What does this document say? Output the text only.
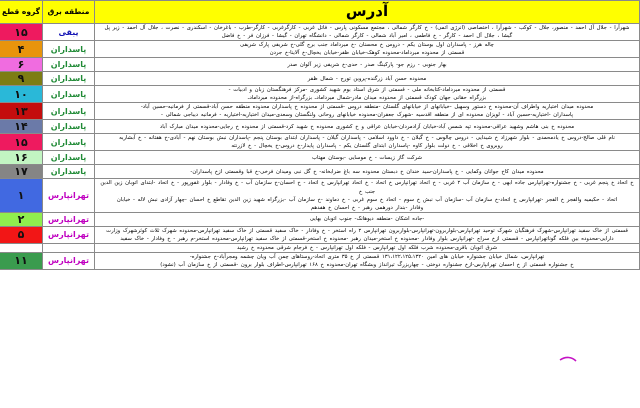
آدرس	منطقه برق	گروه قطع

شهرآرا - جلال آل احمد - منصور، جلال - کوکب - شهرآرا ، اختصاصی (انرژی اتمی) - خ کارگر شمالی ، مجتمع مسکونی پارس - فاتل غربی - کارگرغربی - کارگر-طرب - باغرخان - اسکندری - نصرت ، جلال آل احمد - زیر پل
گیشا ، جلال آل احمد - کارگر - خ فاطمی ، امیر آباد شمالی - کارگر شمالی - دانشگاه تهران - گیشا - فرزان فر - خ فاضل	یبقی	۱۵

چاله هرز - پاسداران اول بوستان یکم - دروس خ محسنان -خ میرداماد جنب برج گلی-خ شریفی پارک شریفی
قسمتی از محدوده میرداماد-محدوده کوهک-خیابان ظفر-خیابان یخچال-خ آلاینا-خ جردن	پاسداران	۴

بهار جنوبی - رزم جو- پارکینگ صدر - حدی-خ شریفی زیر آلوان صدر	پاسداران	۶

محدوده حسن آباد زرگنده-پروین تورج - شمال ظفر	پاسداران	۹

قسمتی از محدوده میرداماد-کتابخانه ملی - قسمتی از شرق استاد بوم شهید کشوری -مرکز فرهنگستان زبان و ادبیات -
بزرگراه حقانی جهان کودک قسمتی از محدوده میدان مادر-شمال میردامادـ بزرگراه-از محدوده میردامادـ	پاسداران	۱۰

محدوده میدان اختیاریه واطراف آن-محدوده خ دستور وسهیل -خیابانهای از خیابانهای گلستان -منطقه دروس -قسمتی از محدوده خ پاسداران محدوده منطقه حسن آباد-قسمتی از فرمانیه-حسین آباد-
پاسداران -اختیاریه-حسین آباد - لویزان محدوده ای از منطقه اقدسیه -شهرک جعفران-محدوده خیابانهای روحانی ولنگستان وسعدی-میدان اختیاریه-اختیاریه - فرمانیه دیباجی شمالی -	پاسداران	۱۳

محدوده خ بنی هاشم وشهید عراقی-محدوده تپه شمس آباد-خیابان آزادمردان-خیابان عراقی و خ کشوری محدوده خ شهید کرد-قسمتی از محدوده خ رجایی-محدوده میدان مبارک آباد	پاسداران	۱۴

نام قلی صالح-دروس خ یادمحمدی - بلوار شهرزاد خ شیدایی - دروس چالوس - خ گیلان - خ داوود اسلامی - پاسداران گیلان - پاسداران ابتدای بوستان پنجم -پاسداران نبش بوستان نهم - آبادی-خ هفتانه - خ آبشاریه
روبروی خ اخلاقی - خ دولت بلوار کاوه -پاسداران ابتدای گلستان یکم - پاسداران پایدار-خ دروس-خ یخچال - خ لازرنته	پاسداران	۱۵

شرکت گاز زیسات - خ موسایی -بوستان مهتاب	پاسداران	۱۶

محدوده میدان کاخ جوانان وکمایی - خ پاسداران-سید خندان خ دبستان محدوده سه باغ ضرابخانه- خ گل نبی وميدان فرخی-خ قبا وقسمتی ازخ پاسداران-	پاسداران	۱۷

خ اتحاد خ پنجم غربی - خ جشنواره-تهرانپارس جاده ابهی - خ سازمان آب ۲ غربی - خ اتحاد تهرانپارس خ اتحاد - خ اتحاد تهرانپارس خ اتحاد - خ احسان-خ سازمان آب - خ وفادار - بلوار غفورپور - خ اتحاد -ابتدای اتوبان زین الدین جنب خ
اتحاد - حکیمیه والفجر خ الفجر -تهرانپارس خ اتحاد-خ سازمان آب -سازمان آب نبش خ سوم - اتحاد خ سوم غربی - خ دماوند -خ سازمان آب -بزرگراه شهید زین الدین تقاطع خ احسان -چهار آزادی نبش لاله - خیابان
وفادار -بندار دورهمی رهبر - خ احسان خ هفدهم	تهرانپارس	۱

-جاده اشکان -منطقه دیوهانک- جنوب اتوبان بهایی	تهرانپارس	۲

قسمتی از خاک سفید تهرانپارس-شهرک فرهنگیان شهرک توحید تهرانپارس-بلواربرون-تهرانپارس-بلواربرون تهرانپارس ۲ راه استخر - خ وفادار - خاک سفید قسمتی از خاک سفید تهرانپارس-محدوده شهرک ثلاث کوثرشهرک وزارت
دارایی-محدوده بین فلکه گوناتهرانپارس - قسمتی ازخ سراج -تهرانپارس بلوار وفادار -محدوده خ استخر-میدان رهبر -محدوده خ استخر-قسمتی از خاک سفید تهرانپارس-محدوده استخر-م رهبر - خ وفادار - خاک سفید	تهرانپارس	۵

شرق اتوبان باقری-محدوده شرب فلکه اول تهرانپارس - فلکه اول تهرانپارس - خ فرجام شرقی محدوده خ رشید		

تهرانپارس، شمال خیابان جشنواره خیابان های امین ۱۳۱،۱۲۲،۱۲۵،۱۳۲۰ قسمتی از خ ۳۵ متری اتحاد-روستاهای چمن آب ویان چشمه ومجرآباد-خ جشنواره-
خ جشنواره قسمتی از خ احسان تهرانپارس-ازخ جشنواره دوختی - چهاربزرگ تیرانداز وبشگاه تهران-محدوده خ ۱۶۸ تهرانپارس-اطراف بلوار برون -قسمتی از خ سازمان آب (نشود)	تهرانپارس	۱۱
